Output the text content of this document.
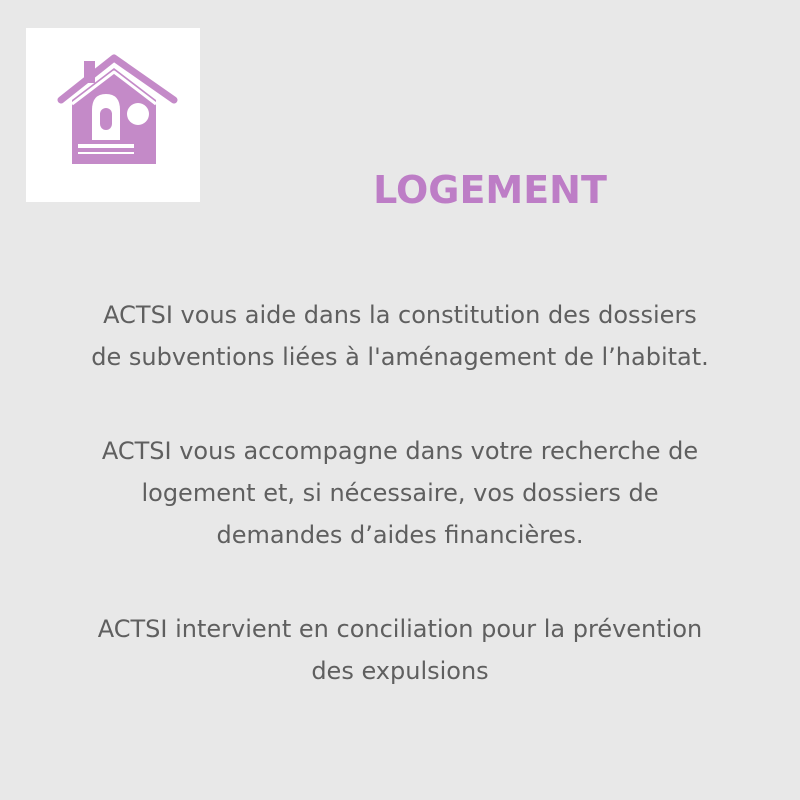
LOGEMENT
ACTSI vous aide dans la constitution des dossiers
de subventions liées à l'aménagement de l’habitat.
ACTSI vous accompagne dans votre recherche de
logement et, si nécessaire, vos dossiers de
demandes d’aides financières.
ACTSI intervient en conciliation pour la prévention
des expulsions
